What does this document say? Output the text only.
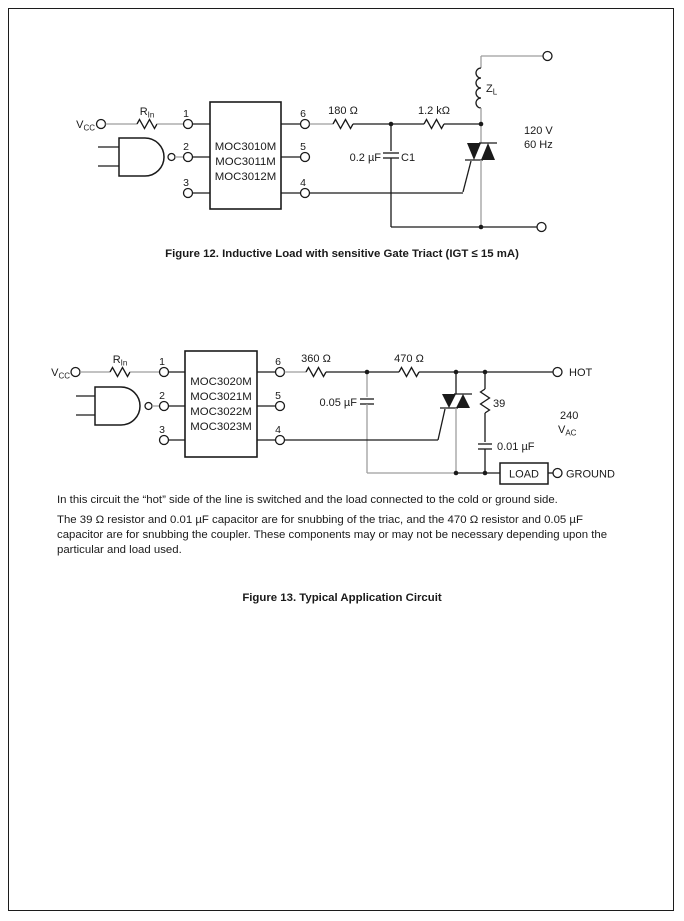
$V_{CC}$
$R_{In}$	1
2
3
6
5
4
MOC3010M
MOC3011M
MOC3012M
180 Ω	1.2 kΩ
0.2 µF C1
$Z_L$
120 V
60 Hz
Figure 12. Inductive Load with sensitive Gate Triact (IGT ≤ 15 mA)
$V_{CC}$
$R_{In}$	1
2
3
6
5
4
MOC3020M
MOC3021M
MOC3022M
MOC3023M
360 Ω	470 Ω
0.05 µF	39
0.01 µF
LOAD
HOT
GROUND
240
$V_{AC}$
In this circuit the “hot” side of the line is switched and the load connected to the cold or ground side.
The 39 Ω resistor and 0.01 µF capacitor are for snubbing of the triac, and the 470 Ω resistor and 0.05 µF capacitor are for snubbing the coupler. These components may or may not be necessary depending upon the particular and load used.
Figure 13. Typical Application Circuit
